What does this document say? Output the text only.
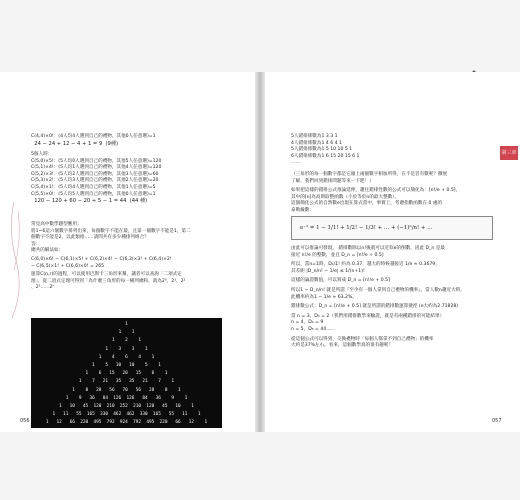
第三章
C(4,4)×0!：(4人均4人選到自己的禮物，其他0人任意選)=1
24 − 24 + 12 − 4 + 1 = 9  (9種)
5個人時：
C(5,0)×5!：(5人均0人選到自己的禮物，其他5人任意選)=120
C(5,1)×4!：(5人均1人選到自己的禮物，其他4人任意選)=120
C(5,2)×3!：(5人均2人選到自己的禮物，其他3人任意選)=60
C(5,3)×2!：(5人均3人選到自己的禮物，其他2人任意選)=20
C(5,4)×1!：(5人均4人選到自己的禮物，其他1人任意選)=5
C(5,5)×0!：(5人均5人選到自己的禮物，其他0人任意選)=1
120 − 120 + 60 − 20 + 5 − 1 = 44  (44 種)
常見高中數學題型應用：
將1~6這六個數字排列出來，每個數字不能在最，且第一個數字不能是1，第二
個數字不能是2，以此類推……請問共有多少種排列組合？
答：
總共的解法如：
C(6,0)×6! − C(6,1)×5! + C(6,2)×4! − C(6,3)×3! + C(6,4)×2!
− C(6,5)×1! + C(6,6)×0! = 265
運算C(n,r)的過程，可以使用巴斯卡三角形來幫，讓者可以查詢「二項式定
理」、從二項式定理可得到「為什麼三角形的每一橫列總和，就為2⁰、2¹、2²
、2³……2ⁿ
1
1    1
1    2    1
1    3    3    1
1    4    6    4    1
1    5   10   10    5    1
1    6   15   20   15    6    1
1    7   21   35   35   21    7    1
1    8   28   56   70   56   28    8    1
1    9   36   84  126  126   84   36    9    1
1   10   45  120  210  252  210  120   45   10    1
1   11   55  165  330  462  462  330  165   55   11    1
1   12   66  220  495  792  924  792  495  220   66   12    1
056
5人錯排係數為1 3 3 1
4人錯排係數為1 4 6 4 1
5人錯排係數為1 5 10 10 5 1
6人錯排係數為1 6 15 20 15 6 1
……
（三角形的每一個數字都是它頭上兩個數字相加所得，在不是首有數呢？擴展
了解，我們回到錯排問題等來一下吧！）
如果把這樣的錯排公式推論延伸，趨往錯排性數的公式可以簡化為：[n!/e + 0.5]，
其中的[n]為高斯取整函數（小於等於n的最大整數）。
這個簡化公式的自然數e出現在算式當中，事實上，考慮指數函數在 0 處的
泰勒級數：
e⁻¹ = 1 − 1/1! + 1/2! − 1/3! + … + (−1)ⁿ/n! + …
由此可以推論可發現， 錯排數除以n!後就可以近似e的倒數，因此 D_n 是最
接近 n!/e 的整數，並且 D_n = [n!/e + 0.5]
所以，當n=1時，D₁/1! 約為 0.37，越大的時候越接近 1/e ≈ 0.3679，
其差距 |D_n/n! − 1/e| ≤ 1/(n+1)!
這樣的論證數值，可以寫成 D_n = [n!/e + 0.5]
所以1 − D_n/n! 就是所謂『至少有一個人拿到自己禮物的機率』，當人數n趨近大時，
此機率約為1 − 1/e ≈ 63.2%。
錯排數公式：D_n = [n!/e + 0.5] 就是所謂的錯排數運算捷徑 (e大約為2.71828)
當 n = 3，D₃ = 2（我們用錯排數學來驗證，就是有兩種錯排的可能結果）
n = 4，D₄ = 9
n = 5，D₅ = 44……
從這個公式可以得到，交換禮物時「每個人都拿不到自己禮物」的機率
大約是37%左右。看來，這個數學真的很有趣呢！
057
